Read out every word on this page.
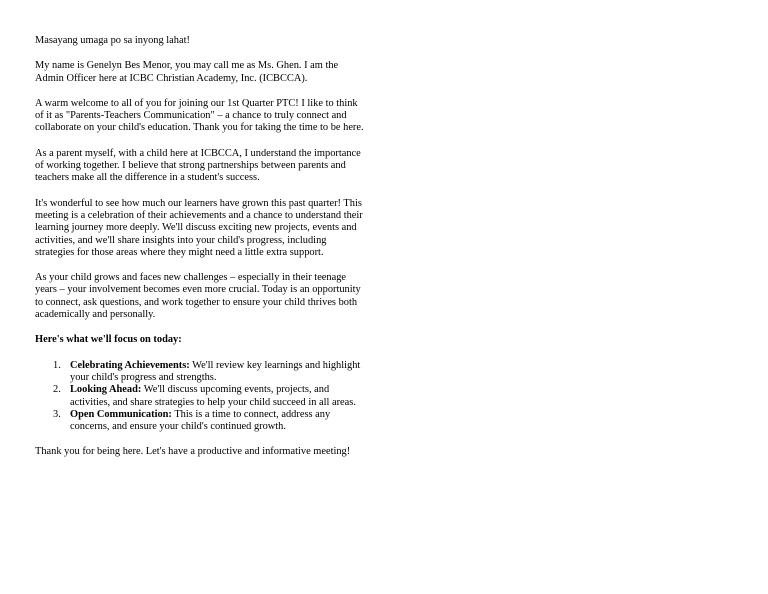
Masayang umaga po sa inyong lahat!

My name is Genelyn Bes Menor, you may call me as Ms. Ghen. I am the Admin Officer here at ICBC Christian Academy, Inc. (ICBCCA).

A warm welcome to all of you for joining our 1st Quarter PTC! I like to think of it as "Parents-Teachers Communication" – a chance to truly connect and collaborate on your child's education. Thank you for taking the time to be here.

As a parent myself, with a child here at ICBCCA, I understand the importance of working together. I believe that strong partnerships between parents and teachers make all the difference in a student's success.

It's wonderful to see how much our learners have grown this past quarter! This meeting is a celebration of their achievements and a chance to understand their learning journey more deeply. We'll discuss exciting new projects, events and activities, and we'll share insights into your child's progress, including strategies for those areas where they might need a little extra support.

As your child grows and faces new challenges – especially in their teenage years – your involvement becomes even more crucial. Today is an opportunity to connect, ask questions, and work together to ensure your child thrives both academically and personally.

Here's what we'll focus on today:

1. Celebrating Achievements: We'll review key learnings and highlight your child's progress and strengths.
2. Looking Ahead: We'll discuss upcoming events, projects, and activities, and share strategies to help your child succeed in all areas.
3. Open Communication: This is a time to connect, address any concerns, and ensure your child's continued growth.

Thank you for being here. Let's have a productive and informative meeting!
